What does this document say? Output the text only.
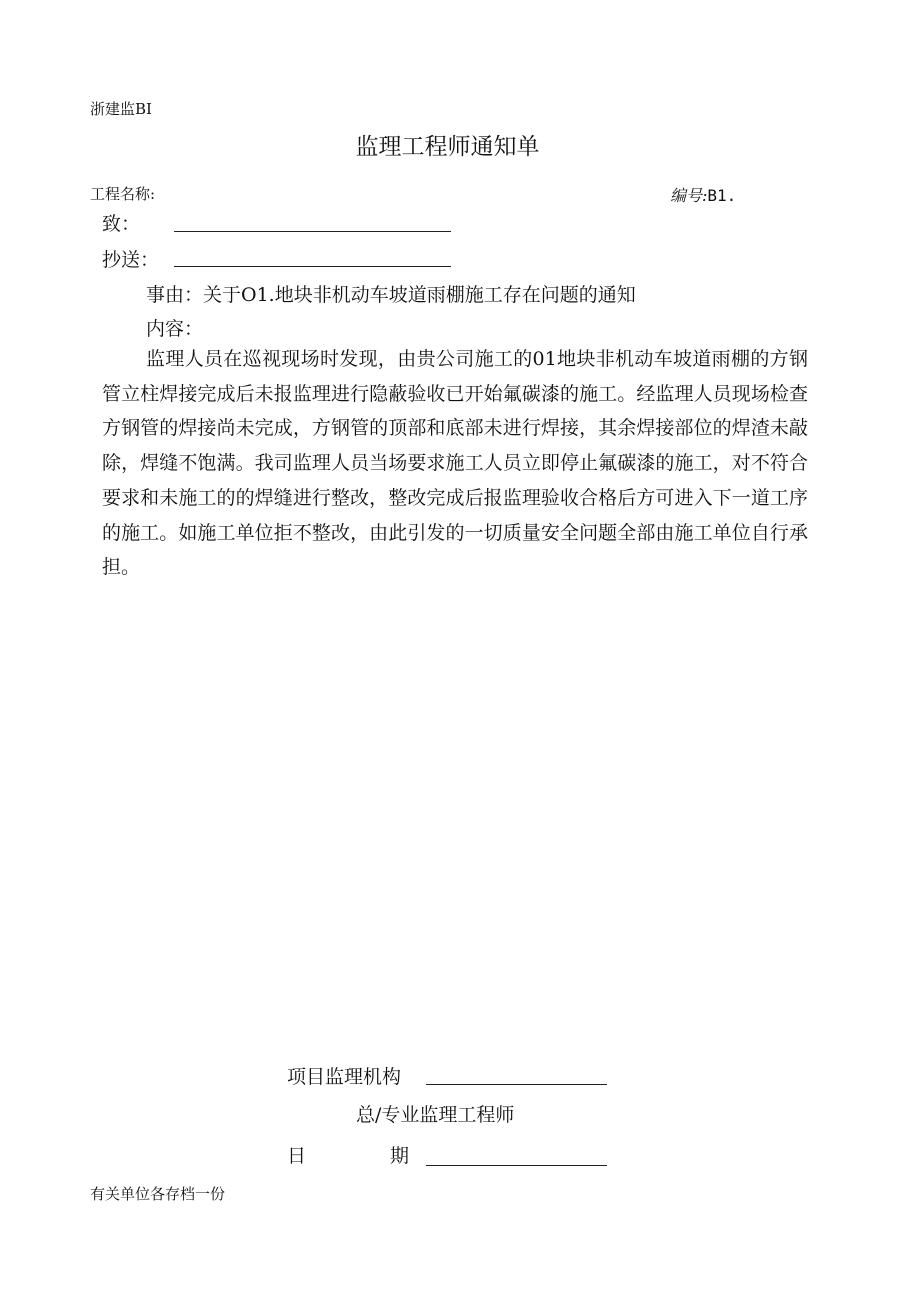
浙建监BI
监理工程师通知单
工程名称:	编号:B1.
致：
抄送：
事由：关于O1.地块非机动车坡道雨棚施工存在问题的通知
内容：
监理人员在巡视现场时发现，由贵公司施工的01地块非机动车坡道雨棚的方钢管立柱焊接完成后未报监理进行隐蔽验收已开始氟碳漆的施工。经监理人员现场检查方钢管的焊接尚未完成，方钢管的顶部和底部未进行焊接，其余焊接部位的焊渣未敲除，焊缝不饱满。我司监理人员当场要求施工人员立即停止氟碳漆的施工，对不符合要求和未施工的的焊缝进行整改，整改完成后报监理验收合格后方可进入下一道工序的施工。如施工单位拒不整改，由此引发的一切质量安全问题全部由施工单位自行承担。
项目监理机构
总/专业监理工程师
日	期
有关单位各存档一份
